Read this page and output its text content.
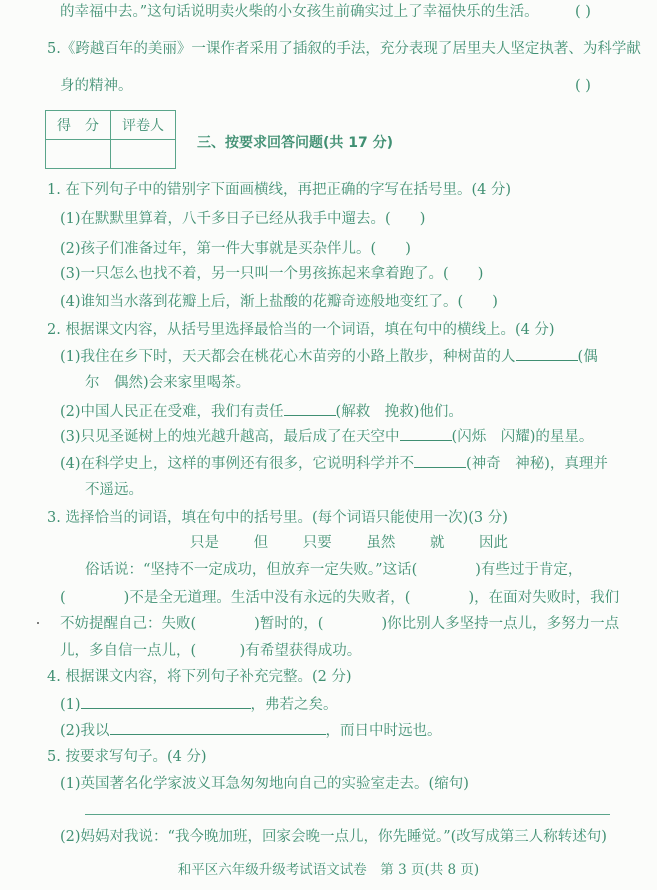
的幸福中去。”这句话说明卖火柴的小女孩生前确实过上了幸福快乐的生活。	( )
5.《跨越百年的美丽》一课作者采用了插叙的手法，充分表现了居里夫人坚定执著、为科学献
身的精神。	( )
得　分	评卷人

三、按要求回答问题(共 17 分)
1. 在下列句子中的错别字下面画横线，再把正确的字写在括号里。(4 分)
(1)在默默里算着，八千多日子已经从我手中遛去。(　　)
(2)孩子们准备过年，第一件大事就是买杂伴儿。(　　)
(3)一只怎么也找不着，另一只叫一个男孩拣起来拿着跑了。(　　)
(4)谁知当水落到花瓣上后，渐上盐酸的花瓣奇迹般地变红了。(　　)
2. 根据课文内容，从括号里选择最恰当的一个词语，填在句中的横线上。(4 分)
(1)我住在乡下时，天天都会在桃花心木苗旁的小路上散步，种树苗的人	(偶
尔　偶然)会来家里喝茶。
(2)中国人民正在受难，我们有责任	(解救　挽救)他们。
(3)只见圣诞树上的烛光越升越高，最后成了在天空中	(闪烁　闪耀)的星星。
(4)在科学史上，这样的事例还有很多，它说明科学并不	(神奇　神秘)，真理并
不遥远。
3. 选择恰当的词语，填在句中的括号里。(每个词语只能使用一次)(3 分)
只是 但 只要 虽然 就 因此
俗话说：“坚持不一定成功，但放弃一定失败。”这话(　　　　)有些过于肯定，
(　　　　)不是全无道理。生活中没有永远的失败者，(　　　　)，在面对失败时，我们
不妨提醒自己：失败(　　　　)暂时的，(　　　　)你比别人多坚持一点儿，多努力一点
儿，多自信一点儿，(　　　)有希望获得成功。
4. 根据课文内容，将下列句子补充完整。(2 分)
(1)	，弗若之矣。
(2)我以	，而日中时远也。
5. 按要求写句子。(4 分)
(1)英国著名化学家波义耳急匆匆地向自己的实验室走去。(缩句)
(2)妈妈对我说：“我今晚加班，回家会晚一点儿，你先睡觉。”(改写成第三人称转述句)
和平区六年级升级考试语文试卷　第 3 页(共 8 页)
